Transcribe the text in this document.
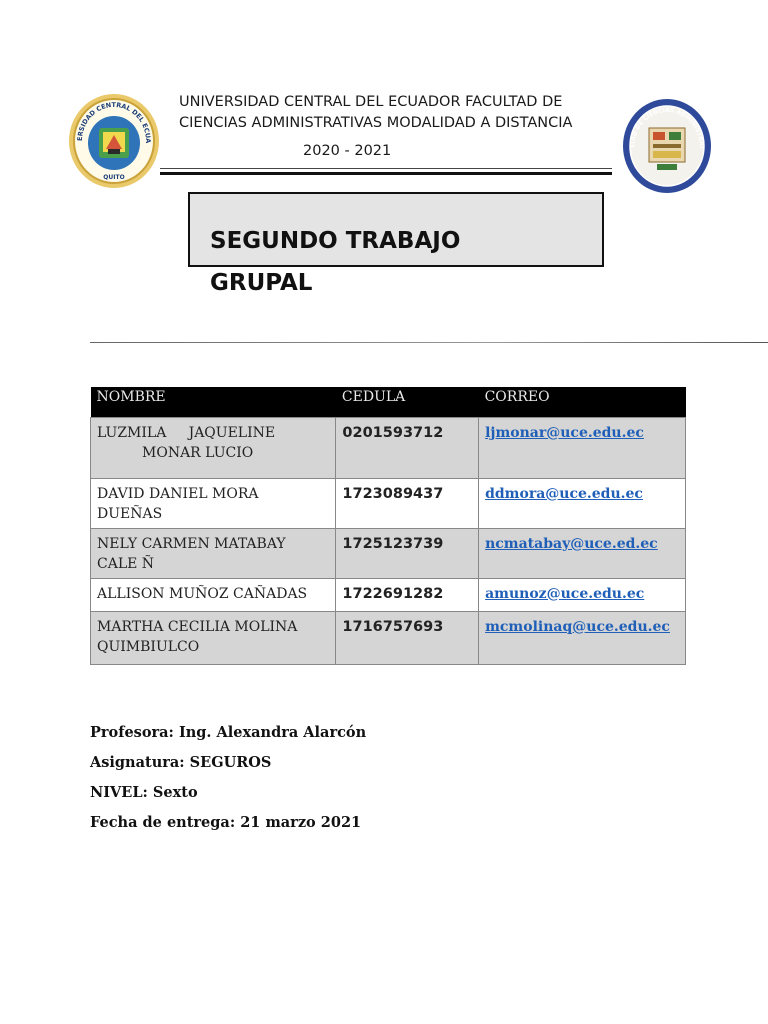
ERSIDAD CENTRAL DEL ECUA
QUITO
LTAD DE CIENCIAS ADMINISTRAT
UNIVERSIDAD CENTRAL DEL ECUADOR FACULTAD DE
CIENCIAS ADMINISTRATIVAS MODALIDAD A DISTANCIA
2020 - 2021
SEGUNDO TRABAJO
GRUPAL
NOMBRE	CEDULA	CORREO

LUZMILA     JAQUELINE
MONAR LUCIO	0201593712	ljmonar@uce.edu.ec

DAVID DANIEL MORA
DUEÑAS	1723089437	ddmora@uce.edu.ec

NELY CARMEN MATABAY
CALE Ñ	1725123739	ncmatabay@uce.ed.ec

ALLISON MUÑOZ CAÑADAS	1722691282	amunoz@uce.edu.ec

MARTHA CECILIA MOLINA
QUIMBIULCO	1716757693	mcmolinaq@uce.edu.ec
Profesora: Ing. Alexandra Alarcón
Asignatura: SEGUROS
NIVEL: Sexto
Fecha de entrega: 21 marzo 2021
